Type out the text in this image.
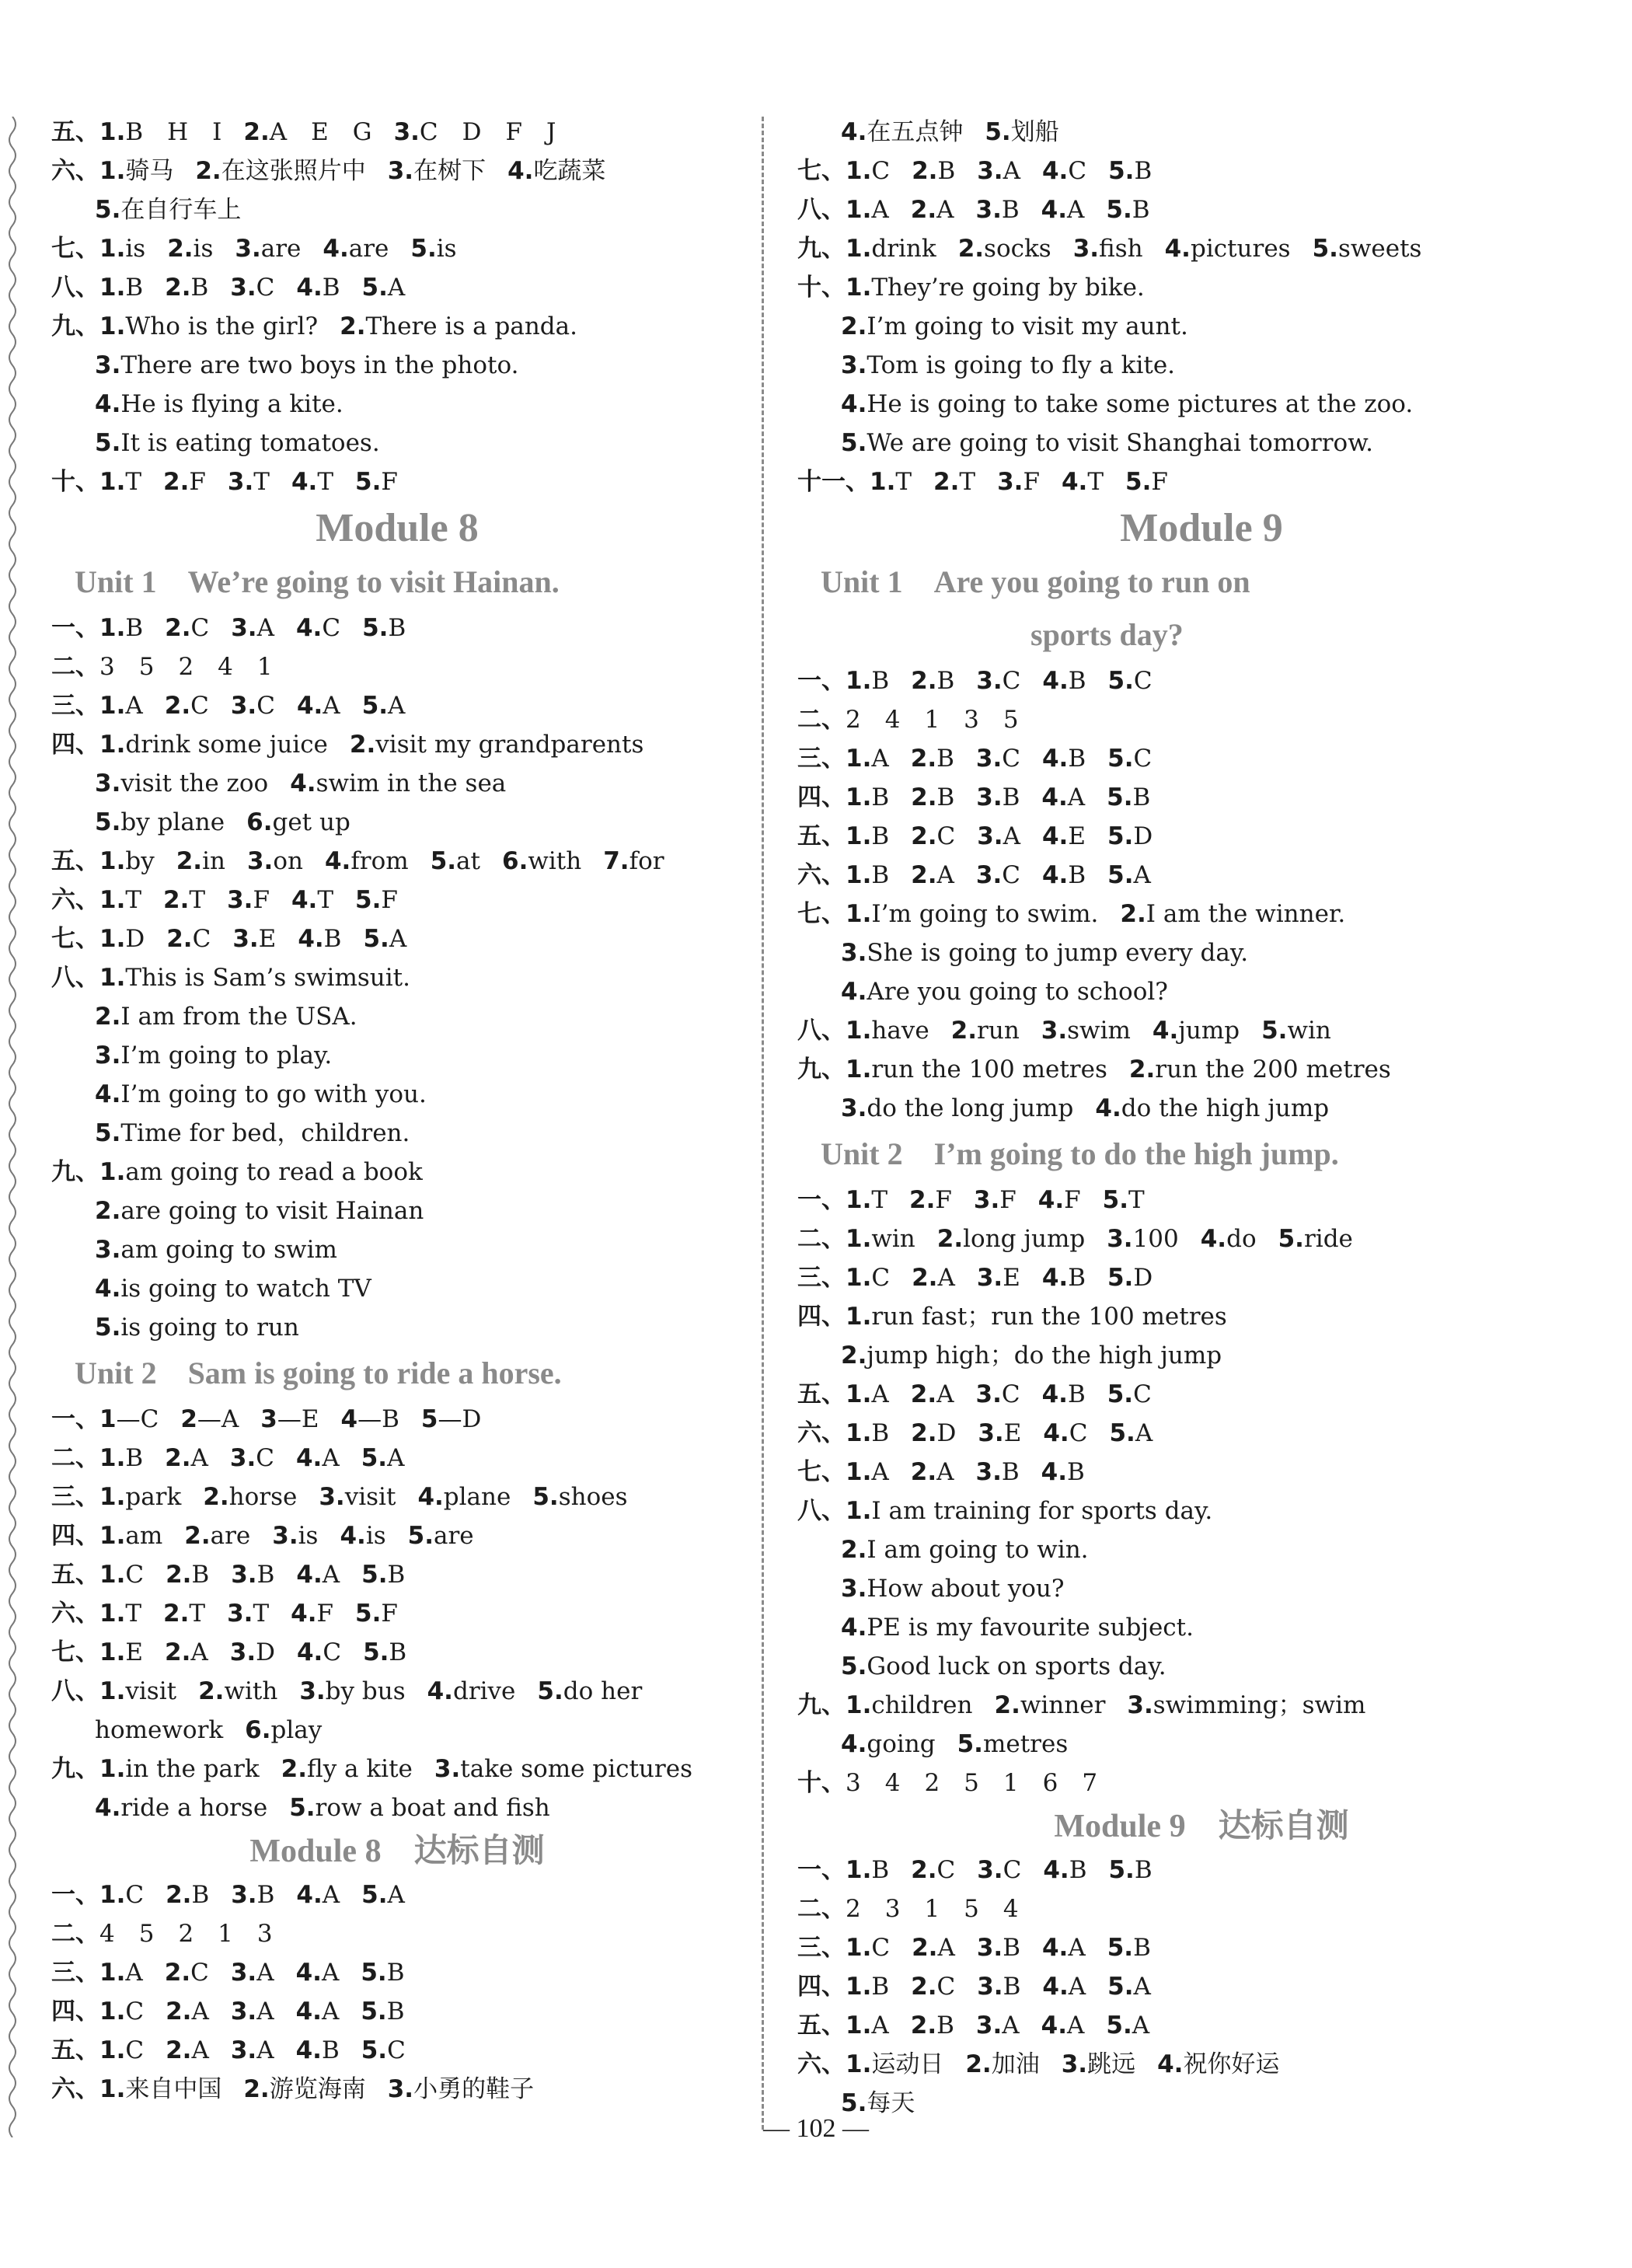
五、1.B　H　I 2.A　E　G 3.C　D　F　J
六、1.骑马 2.在这张照片中 3.在树下 4.吃蔬菜
5.在自行车上
七、1.is 2.is 3.are 4.are 5.is
八、1.B 2.B 3.C 4.B 5.A
九、1.Who is the girl? 2.There is a panda.
3.There are two boys in the photo.
4.He is flying a kite.
5.It is eating tomatoes.
十、1.T 2.F 3.T 4.T 5.F
Module 8
Unit 1　We’re going to visit Hainan.
一、1.B 2.C 3.A 4.C 5.B
二、3　5　2　4　1
三、1.A 2.C 3.C 4.A 5.A
四、1.drink some juice 2.visit my grandparents
3.visit the zoo 4.swim in the sea
5.by plane 6.get up
五、1.by 2.in 3.on 4.from 5.at 6.with 7.for
六、1.T 2.T 3.F 4.T 5.F
七、1.D 2.C 3.E 4.B 5.A
八、1.This is Sam’s swimsuit.
2.I am from the USA.
3.I’m going to play.
4.I’m going to go with you.
5.Time for bed，children.
九、1.am going to read a book
2.are going to visit Hainan
3.am going to swim
4.is going to watch TV
5.is going to run
Unit 2　Sam is going to ride a horse.
一、1—C 2—A 3—E 4—B 5—D
二、1.B 2.A 3.C 4.A 5.A
三、1.park 2.horse 3.visit 4.plane 5.shoes
四、1.am 2.are 3.is 4.is 5.are
五、1.C 2.B 3.B 4.A 5.B
六、1.T 2.T 3.T 4.F 5.F
七、1.E 2.A 3.D 4.C 5.B
八、1.visit 2.with 3.by bus 4.drive 5.do her
homework 6.play
九、1.in the park 2.fly a kite 3.take some pictures
4.ride a horse 5.row a boat and fish
Module 8　达标自测
一、1.C 2.B 3.B 4.A 5.A
二、4　5　2　1　3
三、1.A 2.C 3.A 4.A 5.B
四、1.C 2.A 3.A 4.A 5.B
五、1.C 2.A 3.A 4.B 5.C
六、1.来自中国 2.游览海南 3.小勇的鞋子
4.在五点钟 5.划船
七、1.C 2.B 3.A 4.C 5.B
八、1.A 2.A 3.B 4.A 5.B
九、1.drink 2.socks 3.fish 4.pictures 5.sweets
十、1.They’re going by bike.
2.I’m going to visit my aunt.
3.Tom is going to fly a kite.
4.He is going to take some pictures at the zoo.
5.We are going to visit Shanghai tomorrow.
十一、1.T 2.T 3.F 4.T 5.F
Module 9
Unit 1　Are you going to run on
sports day?
一、1.B 2.B 3.C 4.B 5.C
二、2　4　1　3　5
三、1.A 2.B 3.C 4.B 5.C
四、1.B 2.B 3.B 4.A 5.B
五、1.B 2.C 3.A 4.E 5.D
六、1.B 2.A 3.C 4.B 5.A
七、1.I’m going to swim. 2.I am the winner.
3.She is going to jump every day.
4.Are you going to school?
八、1.have 2.run 3.swim 4.jump 5.win
九、1.run the 100 metres 2.run the 200 metres
3.do the long jump 4.do the high jump
Unit 2　I’m going to do the high jump.
一、1.T 2.F 3.F 4.F 5.T
二、1.win 2.long jump 3.100 4.do 5.ride
三、1.C 2.A 3.E 4.B 5.D
四、1.run fast；run the 100 metres
2.jump high；do the high jump
五、1.A 2.A 3.C 4.B 5.C
六、1.B 2.D 3.E 4.C 5.A
七、1.A 2.A 3.B 4.B
八、1.I am training for sports day.
2.I am going to win.
3.How about you?
4.PE is my favourite subject.
5.Good luck on sports day.
九、1.children 2.winner 3.swimming；swim
4.going 5.metres
十、3　4　2　5　1　6　7
Module 9　达标自测
一、1.B 2.C 3.C 4.B 5.B
二、2　3　1　5　4
三、1.C 2.A 3.B 4.A 5.B
四、1.B 2.C 3.B 4.A 5.A
五、1.A 2.B 3.A 4.A 5.A
六、1.运动日 2.加油 3.跳远 4.祝你好运
5.每天
— 102 —
